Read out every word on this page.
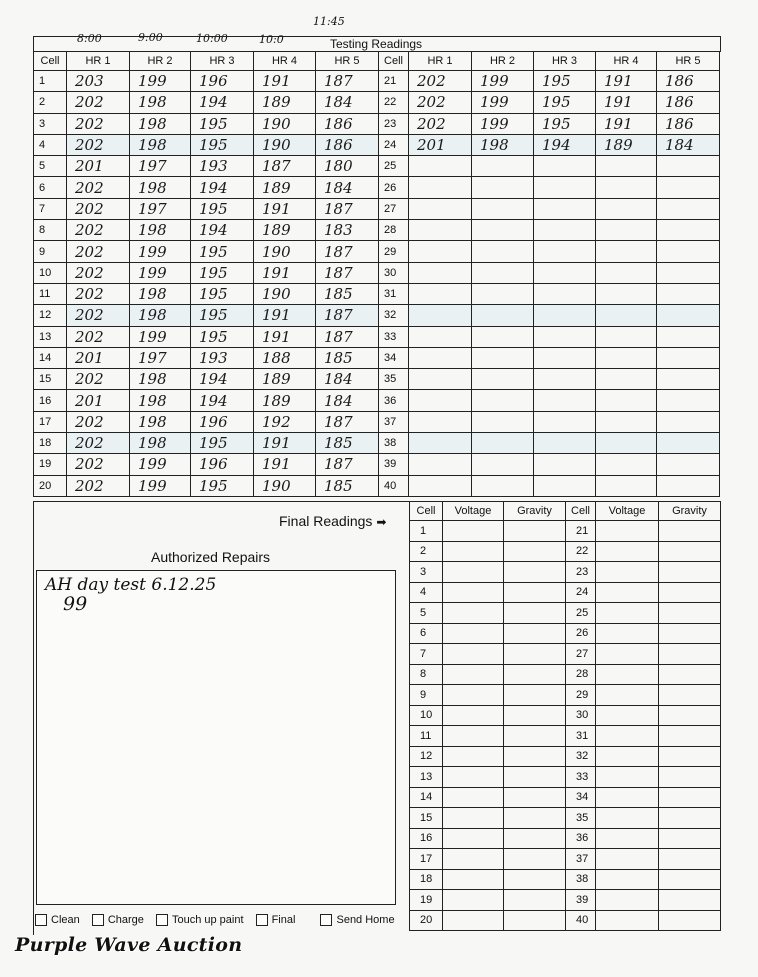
8:00	9:00	10:00	10:0
11:45
Testing Readings
Cell	HR 1	HR 2	HR 3	HR 4	HR 5	Cell	HR 1	HR 2	HR 3	HR 4	HR 5
1	203	199	196	191	187	21	202	199	195	191	186
2	202	198	194	189	184	22	202	199	195	191	186
3	202	198	195	190	186	23	202	199	195	191	186
4	202	198	195	190	186	24	201	198	194	189	184
5	201	197	193	187	180	25					
6	202	198	194	189	184	26					
7	202	197	195	191	187	27					
8	202	198	194	189	183	28					
9	202	199	195	190	187	29					
10	202	199	195	191	187	30					
11	202	198	195	190	185	31					
12	202	198	195	191	187	32					
13	202	199	195	191	187	33					
14	201	197	193	188	185	34					
15	202	198	194	189	184	35					
16	201	198	194	189	184	36					
17	202	198	196	192	187	37					
18	202	198	195	191	185	38					
19	202	199	196	191	187	39					
20	202	199	195	190	185	40					
Final Readings ➡
Cell	Voltage	Gravity	Cell	Voltage	Gravity
1			21		
2			22		
3			23		
4			24		
5			25		
6			26		
7			27		
8			28		
9			29		
10			30		
11			31		
12			32		
13			33		
14			34		
15			35		
16			36		
17			37		
18			38		
19			39		
20			40		
Authorized Repairs
AH day test 6.12.25
99
Clean
	Charge
	Touch up paint
	Final
	Send Home
Purple Wave Auction
